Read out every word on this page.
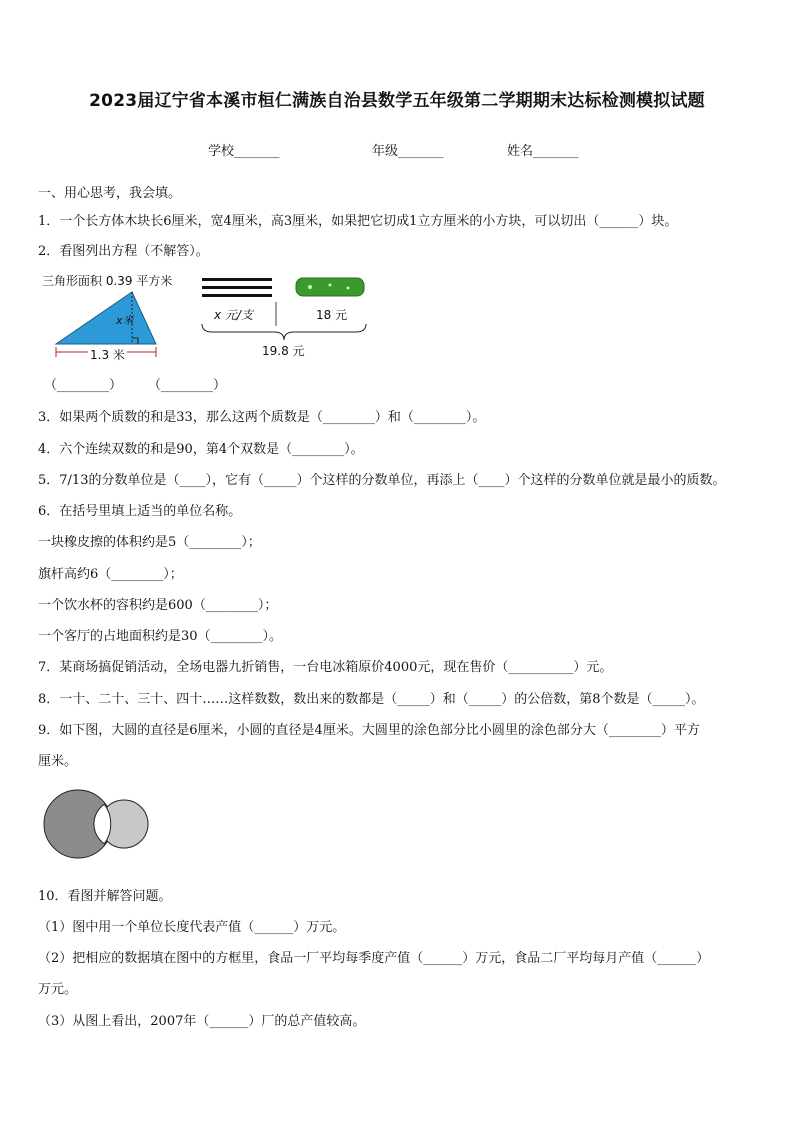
2023届辽宁省本溪市桓仁满族自治县数学五年级第二学期期末达标检测模拟试题
学校_______	年级_______	姓名_______
一、用心思考，我会填。
1．一个长方体木块长6厘米，宽4厘米，高3厘米，如果把它切成1立方厘米的小方块，可以切出（______）块。
2．看图列出方程（不解答）。
三角形面积 0.39 平方米
1.3 米
x米	x 元/支	18 元
19.8 元
（________）　　　（________）
3．如果两个质数的和是33，那么这两个质数是（________）和（________）。
4．六个连续双数的和是90，第4个双数是（________）。
5．7/13的分数单位是（____），它有（_____）个这样的分数单位，再添上（____）个这样的分数单位就是最小的质数。
6．在括号里填上适当的单位名称。
一块橡皮擦的体积约是5（________）；
旗杆高约6（________）；
一个饮水杯的容积约是600（________）；
一个客厅的占地面积约是30（________）。
7．某商场搞促销活动，全场电器九折销售，一台电冰箱原价4000元，现在售价（__________）元。
8．一十、二十、三十、四十……这样数数，数出来的数都是（_____）和（_____）的公倍数，第8个数是（_____）。
9．如下图，大圆的直径是6厘米，小圆的直径是4厘米。大圆里的涂色部分比小圆里的涂色部分大（________）平方
厘米。
10．看图并解答问题。
（1）图中用一个单位长度代表产值（______）万元。
（2）把相应的数据填在图中的方框里，食品一厂平均每季度产值（______）万元，食品二厂平均每月产值（______）
万元。
（3）从图上看出，2007年（______）厂的总产值较高。
